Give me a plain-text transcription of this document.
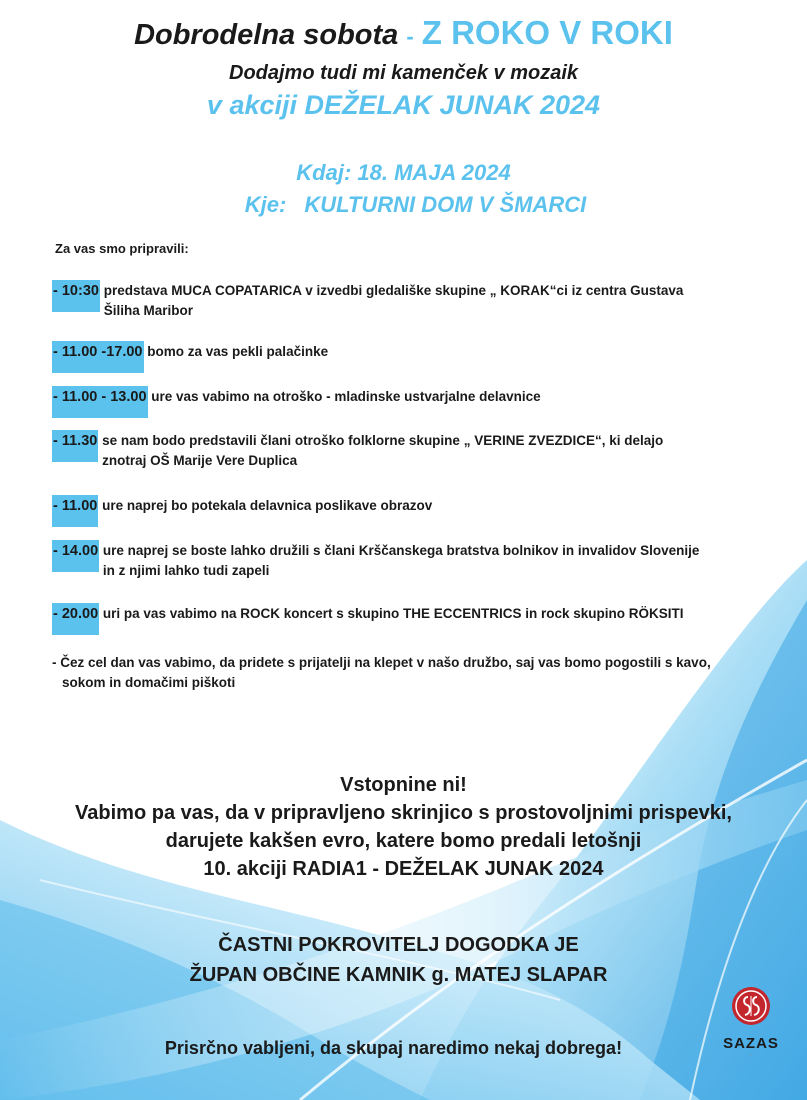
Dobrodelna sobota - Z ROKO V ROKI
Dodajmo tudi mi kamenček v mozaik
v akciji DEŽELAK JUNAK 2024
Kdaj: 18. MAJA 2024
Kje: KULTURNI DOM V ŠMARCI
Za vas smo pripravili:
- 10:30 predstava MUCA COPATARICA v izvedbi gledališke skupine „ KORAK“ci iz centra Gustava
Šiliha Maribor
- 11.00 -17.00 bomo za vas pekli palačinke
- 11.00 - 13.00 ure vas vabimo na otroško - mladinske ustvarjalne delavnice
- 11.30 se nam bodo predstavili člani otroško folklorne skupine „ VERINE ZVEZDICE“, ki delajo
znotraj OŠ Marije Vere Duplica
- 11.00 ure naprej bo potekala delavnica poslikave obrazov
- 14.00 ure naprej se boste lahko družili s člani Krščanskega bratstva bolnikov in invalidov Slovenije
in z njimi lahko tudi zapeli
- 20.00 uri pa vas vabimo na ROCK koncert s skupino THE ECCENTRICS in rock skupino RÖKSITI
- Čez cel dan vas vabimo, da pridete s prijatelji na klepet v našo družbo, saj vas bomo pogostili s kavo,
sokom in domačimi piškoti
Vstopnine ni!
Vabimo pa vas, da v pripravljeno skrinjico s prostovoljnimi prispevki,
darujete kakšen evro, katere bomo predali letošnji
10. akciji RADIA1 - DEŽELAK JUNAK 2024
ČASTNI POKROVITELJ DOGODKA JE
ŽUPAN OBČINE KAMNIK g. MATEJ SLAPAR
Prisrčno vabljeni, da skupaj naredimo nekaj dobrega!	SAZAS
·
